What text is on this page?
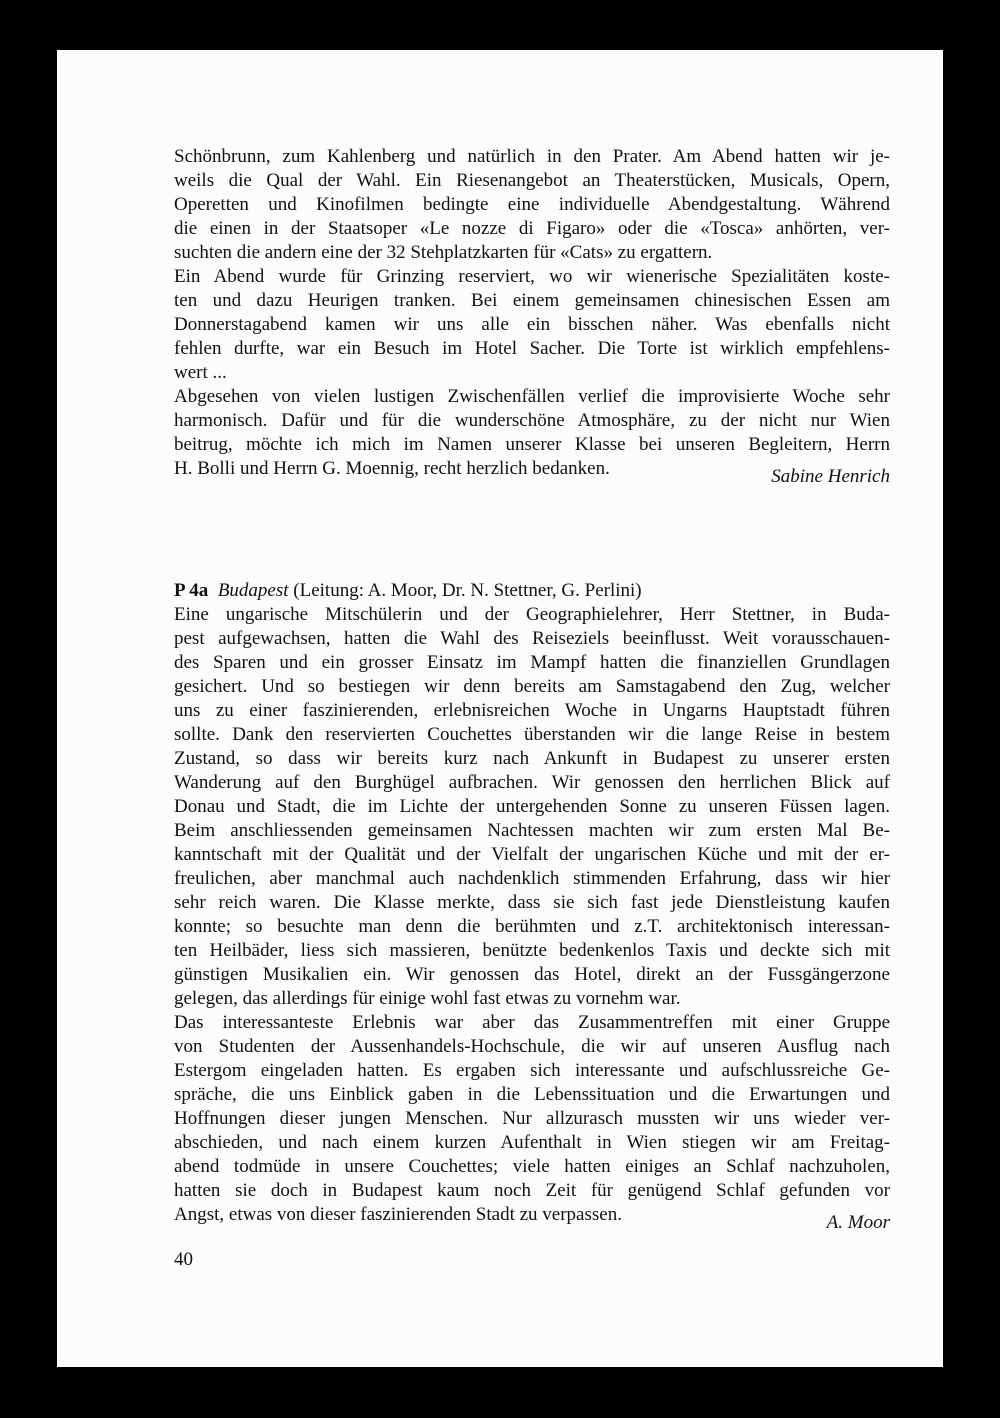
Schönbrunn, zum Kahlenberg und natürlich in den Prater. Am Abend hatten wir je-
weils die Qual der Wahl. Ein Riesenangebot an Theaterstücken, Musicals, Opern,
Operetten und Kinofilmen bedingte eine individuelle Abendgestaltung. Während
die einen in der Staatsoper «Le nozze di Figaro» oder die «Tosca» anhörten, ver-
suchten die andern eine der 32 Stehplatzkarten für «Cats» zu ergattern.
Ein Abend wurde für Grinzing reserviert, wo wir wienerische Spezialitäten koste-
ten und dazu Heurigen tranken. Bei einem gemeinsamen chinesischen Essen am
Donnerstagabend kamen wir uns alle ein bisschen näher. Was ebenfalls nicht
fehlen durfte, war ein Besuch im Hotel Sacher. Die Torte ist wirklich empfehlens-
wert ...
Abgesehen von vielen lustigen Zwischenfällen verlief die improvisierte Woche sehr
harmonisch. Dafür und für die wunderschöne Atmosphäre, zu der nicht nur Wien
beitrug, möchte ich mich im Namen unserer Klasse bei unseren Begleitern, Herrn
H. Bolli und Herrn G. Moennig, recht herzlich bedanken.	Sabine Henrich
P 4a Budapest (Leitung: A. Moor, Dr. N. Stettner, G. Perlini)
Eine ungarische Mitschülerin und der Geographielehrer, Herr Stettner, in Buda-
pest aufgewachsen, hatten die Wahl des Reiseziels beeinflusst. Weit vorausschauen-
des Sparen und ein grosser Einsatz im Mampf hatten die finanziellen Grundlagen
gesichert. Und so bestiegen wir denn bereits am Samstagabend den Zug, welcher
uns zu einer faszinierenden, erlebnisreichen Woche in Ungarns Hauptstadt führen
sollte. Dank den reservierten Couchettes überstanden wir die lange Reise in bestem
Zustand, so dass wir bereits kurz nach Ankunft in Budapest zu unserer ersten
Wanderung auf den Burghügel aufbrachen. Wir genossen den herrlichen Blick auf
Donau und Stadt, die im Lichte der untergehenden Sonne zu unseren Füssen lagen.
Beim anschliessenden gemeinsamen Nachtessen machten wir zum ersten Mal Be-
kanntschaft mit der Qualität und der Vielfalt der ungarischen Küche und mit der er-
freulichen, aber manchmal auch nachdenklich stimmenden Erfahrung, dass wir hier
sehr reich waren. Die Klasse merkte, dass sie sich fast jede Dienstleistung kaufen
konnte; so besuchte man denn die berühmten und z.T. architektonisch interessan-
ten Heilbäder, liess sich massieren, benützte bedenkenlos Taxis und deckte sich mit
günstigen Musikalien ein. Wir genossen das Hotel, direkt an der Fussgängerzone
gelegen, das allerdings für einige wohl fast etwas zu vornehm war.
Das interessanteste Erlebnis war aber das Zusammentreffen mit einer Gruppe
von Studenten der Aussenhandels-Hochschule, die wir auf unseren Ausflug nach
Estergom eingeladen hatten. Es ergaben sich interessante und aufschlussreiche Ge-
spräche, die uns Einblick gaben in die Lebenssituation und die Erwartungen und
Hoffnungen dieser jungen Menschen. Nur allzurasch mussten wir uns wieder ver-
abschieden, und nach einem kurzen Aufenthalt in Wien stiegen wir am Freitag-
abend todmüde in unsere Couchettes; viele hatten einiges an Schlaf nachzuholen,
hatten sie doch in Budapest kaum noch Zeit für genügend Schlaf gefunden vor
Angst, etwas von dieser faszinierenden Stadt zu verpassen.	A. Moor
40
